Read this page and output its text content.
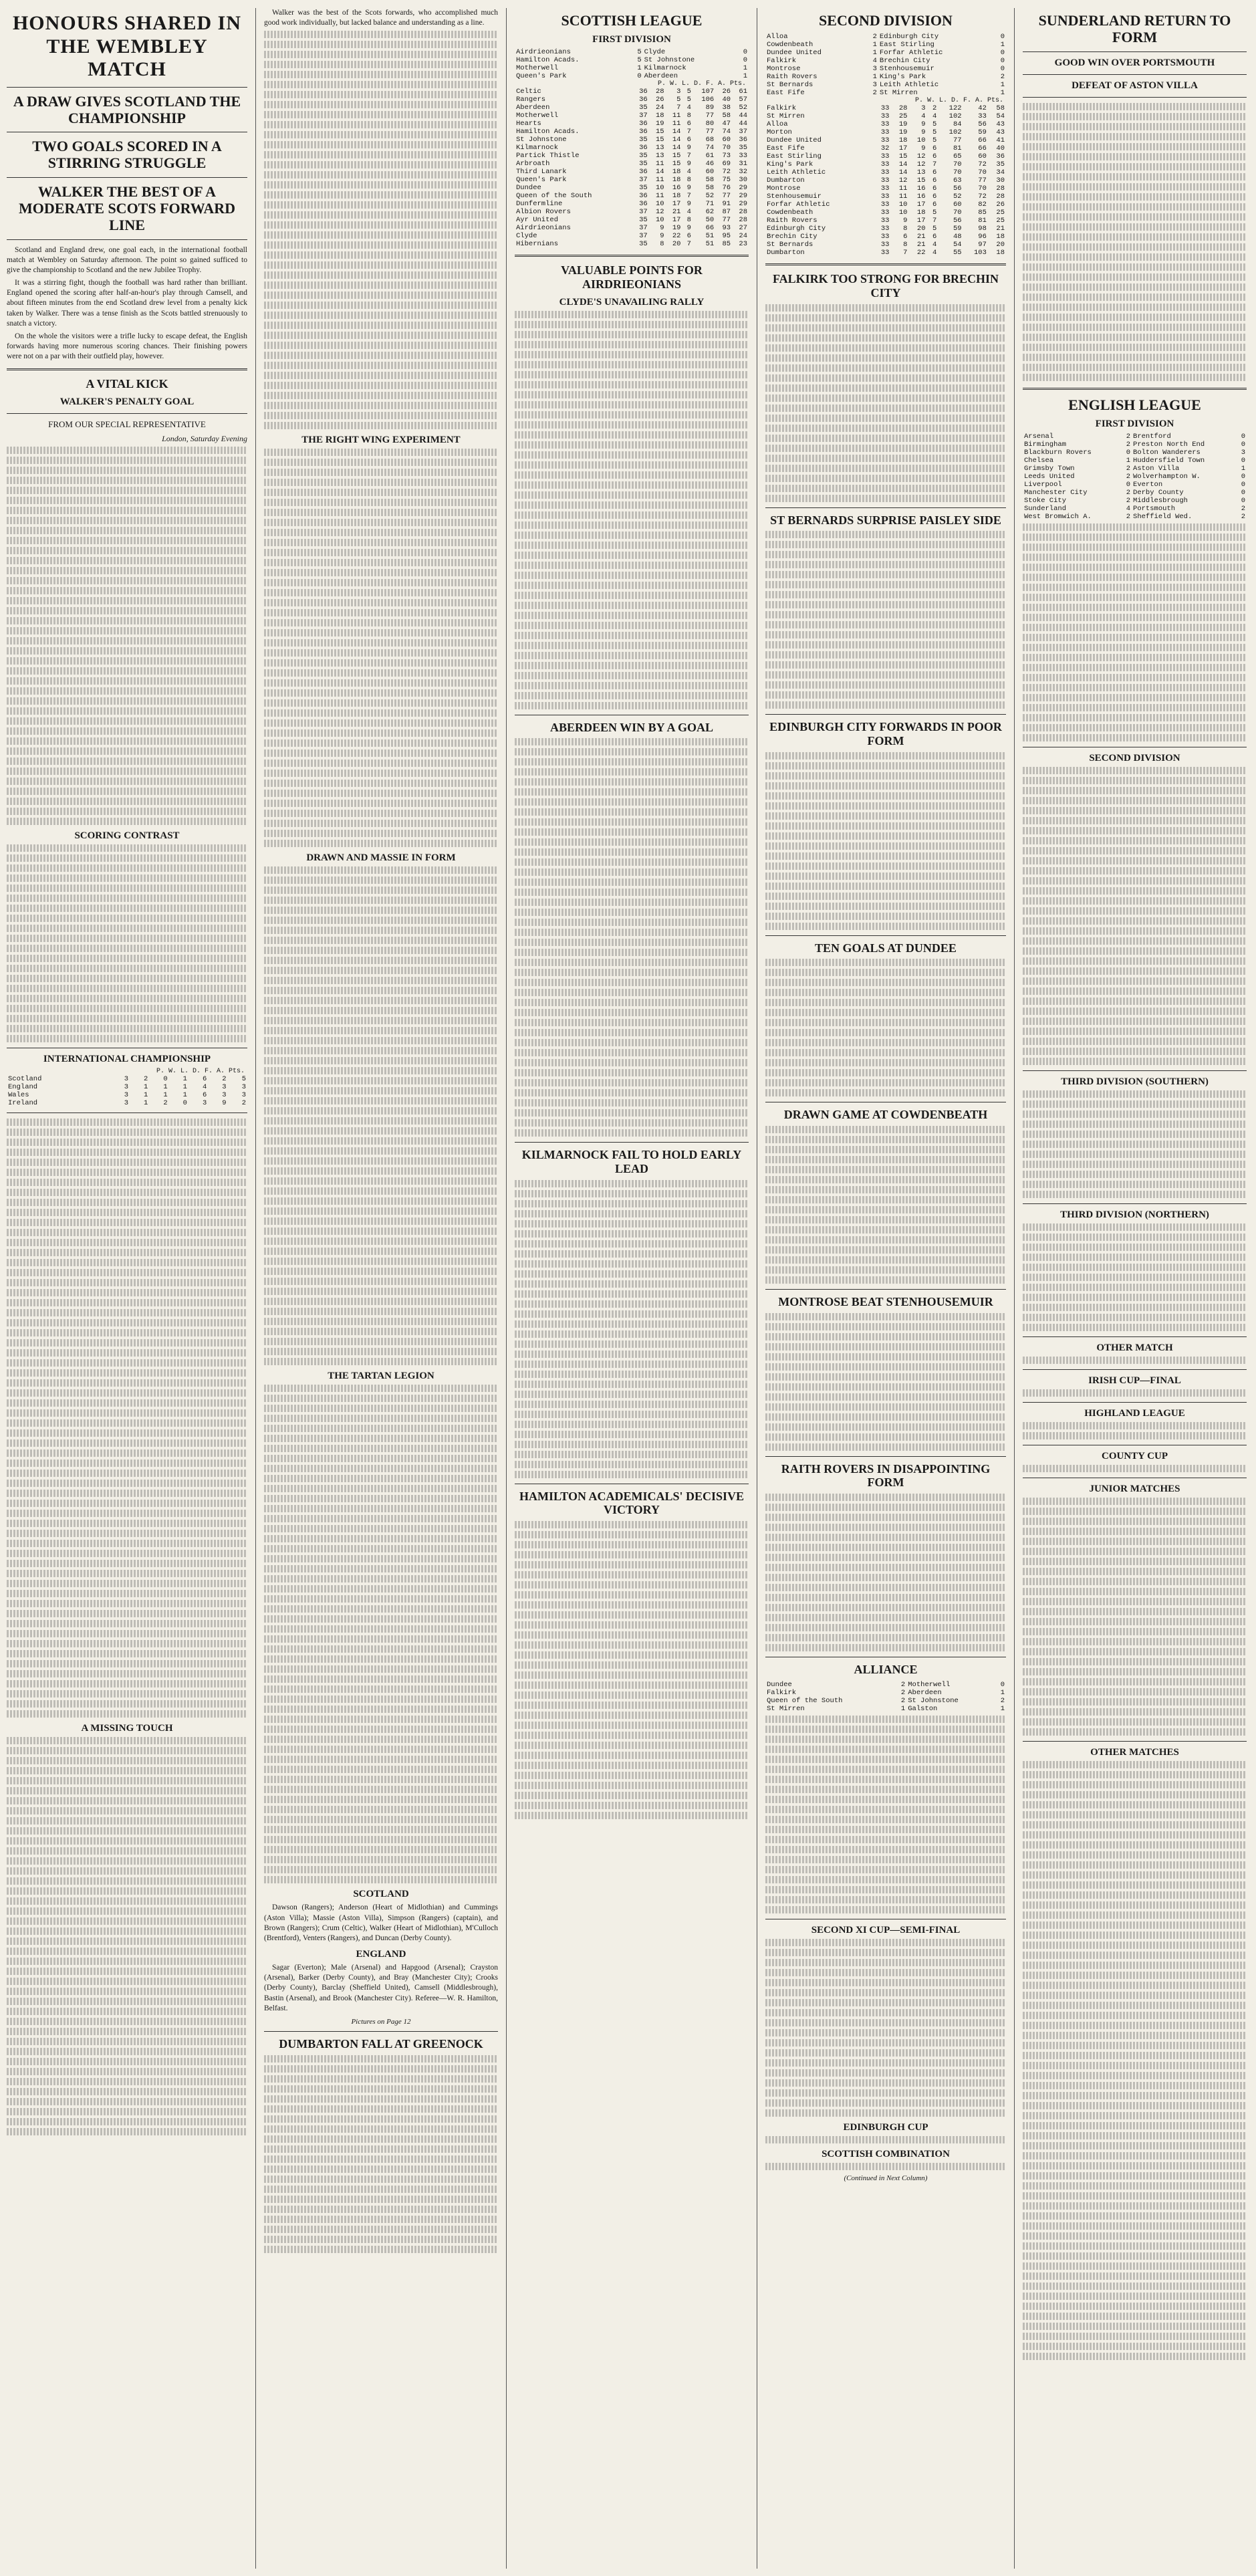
HONOURS SHARED IN THE WEMBLEY MATCH
A DRAW GIVES SCOTLAND THE CHAMPIONSHIP
TWO GOALS SCORED IN A STIRRING STRUGGLE
WALKER THE BEST OF A MODERATE SCOTS FORWARD LINE

Scotland and England drew, one goal each, in the international football match at Wembley on Saturday afternoon. The point so gained sufficed to give the championship to Scotland and the new Jubilee Trophy.

It was a stirring fight, though the football was hard rather than brilliant. England opened the scoring after half-an-hour's play through Camsell, and about fifteen minutes from the end Scotland drew level from a penalty kick taken by Walker. There was a tense finish as the Scots battled strenuously to snatch a victory.

On the whole the visitors were a trifle lucky to escape defeat, the English forwards having more numerous scoring chances. Their finishing powers were not on a par with their outfield play, however.

A VITAL KICK
WALKER'S PENALTY GOAL
FROM OUR SPECIAL REPRESENTATIVE
London, Saturday Evening
SCORING CONTRAST
INTERNATIONAL CHAMPIONSHIP
P. W. L. D. F. A. Pts.
Scotland	3	2	0	1	6	2	5
England	3	1	1	1	4	3	3
Wales	3	1	1	1	6	3	3
Ireland	3	1	2	0	3	9	2
A MISSING TOUCH

Walker was the best of the Scots forwards, who accomplished much good work individually, but lacked balance and understanding as a line.

THE RIGHT WING EXPERIMENT
DRAWN AND MASSIE IN FORM
THE TARTAN LEGION
SCOTLAND

Dawson (Rangers); Anderson (Heart of Midlothian) and Cummings (Aston Villa); Massie (Aston Villa), Simpson (Rangers) (captain), and Brown (Rangers); Crum (Celtic), Walker (Heart of Midlothian), M'Culloch (Brentford), Venters (Rangers), and Duncan (Derby County).

ENGLAND

Sagar (Everton); Male (Arsenal) and Hapgood (Arsenal); Crayston (Arsenal), Barker (Derby County), and Bray (Manchester City); Crooks (Derby County), Barclay (Sheffield United), Camsell (Middlesbrough), Bastin (Arsenal), and Brook (Manchester City). Referee—W. R. Hamilton, Belfast.

Pictures on Page 12
DUMBARTON FALL AT GREENOCK
SCOTTISH LEAGUE
FIRST DIVISION
Airdrieonians	5	Clyde	0
Hamilton Acads.	5	St Johnstone	0
Motherwell	1	Kilmarnock	1
Queen's Park	0	Aberdeen	1
P. W. L. D. F. A. Pts.
Celtic	36	28	3	5	107	26	61
Rangers	36	26	5	5	106	40	57
Aberdeen	35	24	7	4	89	38	52
Motherwell	37	18	11	8	77	58	44
Hearts	36	19	11	6	80	47	44
Hamilton Acads.	36	15	14	7	77	74	37
St Johnstone	35	15	14	6	68	60	36
Kilmarnock	36	13	14	9	74	70	35
Partick Thistle	35	13	15	7	61	73	33
Arbroath	35	11	15	9	46	69	31
Third Lanark	36	14	18	4	60	72	32
Queen's Park	37	11	18	8	58	75	30
Dundee	35	10	16	9	58	76	29
Queen of the South	36	11	18	7	52	77	29
Dunfermline	36	10	17	9	71	91	29
Albion Rovers	37	12	21	4	62	87	28
Ayr United	35	10	17	8	50	77	28
Airdrieonians	37	9	19	9	66	93	27
Clyde	37	9	22	6	51	95	24
Hibernians	35	8	20	7	51	85	23
VALUABLE POINTS FOR AIRDRIEONIANS
CLYDE'S UNAVAILING RALLY
ABERDEEN WIN BY A GOAL
KILMARNOCK FAIL TO HOLD EARLY LEAD
HAMILTON ACADEMICALS' DECISIVE VICTORY
SECOND DIVISION
Alloa	2	Edinburgh City	0
Cowdenbeath	1	East Stirling	1
Dundee United	1	Forfar Athletic	0
Falkirk	4	Brechin City	0
Montrose	3	Stenhousemuir	0
Raith Rovers	1	King's Park	2
St Bernards	3	Leith Athletic	1
East Fife	2	St Mirren	1
P. W. L. D. F. A. Pts.
Falkirk	33	28	3	2	122	42	58
St Mirren	33	25	4	4	102	33	54
Alloa	33	19	9	5	84	56	43
Morton	33	19	9	5	102	59	43
Dundee United	33	18	10	5	77	66	41
East Fife	32	17	9	6	81	66	40
East Stirling	33	15	12	6	65	60	36
King's Park	33	14	12	7	70	72	35
Leith Athletic	33	14	13	6	70	70	34
Dumbarton	33	12	15	6	63	77	30
Montrose	33	11	16	6	56	70	28
Stenhousemuir	33	11	16	6	52	72	28
Forfar Athletic	33	10	17	6	60	82	26
Cowdenbeath	33	10	18	5	70	85	25
Raith Rovers	33	9	17	7	56	81	25
Edinburgh City	33	8	20	5	59	98	21
Brechin City	33	6	21	6	48	96	18
St Bernards	33	8	21	4	54	97	20
Dumbarton	33	7	22	4	55	103	18
FALKIRK TOO STRONG FOR BRECHIN CITY
ST BERNARDS SURPRISE PAISLEY SIDE
EDINBURGH CITY FORWARDS IN POOR FORM
TEN GOALS AT DUNDEE
DRAWN GAME AT COWDENBEATH
MONTROSE BEAT STENHOUSEMUIR
RAITH ROVERS IN DISAPPOINTING FORM
ALLIANCE
Dundee	2	Motherwell	0
Falkirk	2	Aberdeen	1
Queen of the South	2	St Johnstone	2
St Mirren	1	Galston	1
SECOND XI CUP—SEMI-FINAL
EDINBURGH CUP
SCOTTISH COMBINATION
(Continued in Next Column)
SUNDERLAND RETURN TO FORM
GOOD WIN OVER PORTSMOUTH
DEFEAT OF ASTON VILLA
ENGLISH LEAGUE
FIRST DIVISION
Arsenal	2	Brentford	0
Birmingham	2	Preston North End	0
Blackburn Rovers	0	Bolton Wanderers	3
Chelsea	1	Huddersfield Town	0
Grimsby Town	2	Aston Villa	1
Leeds United	2	Wolverhampton W.	0
Liverpool	0	Everton	0
Manchester City	2	Derby County	0
Stoke City	2	Middlesbrough	0
Sunderland	4	Portsmouth	2
West Bromwich A.	2	Sheffield Wed.	2
SECOND DIVISION
THIRD DIVISION (SOUTHERN)
THIRD DIVISION (NORTHERN)
OTHER MATCH
IRISH CUP—FINAL
HIGHLAND LEAGUE
COUNTY CUP
JUNIOR MATCHES
OTHER MATCHES
